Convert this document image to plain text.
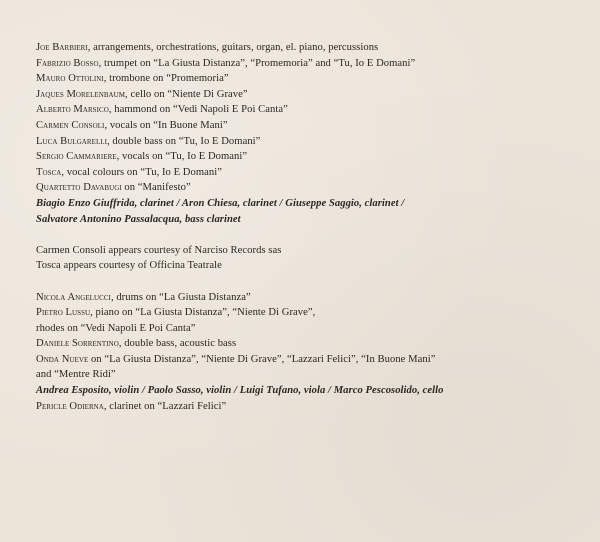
Joe Barbieri, arrangements, orchestrations, guitars, organ, el. piano, percussions
Fabrizio Bosso, trumpet on “La Giusta Distanza”, “Promemoria” and “Tu, Io E Domani”
Mauro Ottolini, trombone on “Promemoria”
Jaques Morelenbaum, cello on “Niente Di Grave”
Alberto Marsico, hammond on “Vedi Napoli E Poi Canta”
Carmen Consoli, vocals on “In Buone Mani”
Luca Bulgarelli, double bass on “Tu, Io E Domani”
Sergio Cammariere, vocals on “Tu, Io E Domani”
Tosca, vocal colours on “Tu, Io E Domani”
Quartetto Davabugi on “Manifesto”
Biagio Enzo Giuffrida, clarinet / Aron Chiesa, clarinet / Giuseppe Saggio, clarinet /
Salvatore Antonino Passalacqua, bass clarinet
Carmen Consoli appears courtesy of Narciso Records sas
Tosca appears courtesy of Officina Teatrale
Nicola Angelucci, drums on “La Giusta Distanza”
Pietro Lussu, piano on “La Giusta Distanza”, “Niente Di Grave”,
rhodes on “Vedi Napoli E Poi Canta”
Daniele Sorrentino, double bass, acoustic bass
Onda Nueve on “La Giusta Distanza”, “Niente Di Grave”, “Lazzari Felici”, “In Buone Mani”
and “Mentre Ridi”
Andrea Esposito, violin / Paolo Sasso, violin / Luigi Tufano, viola / Marco Pescosolido, cello
Pericle Odierna, clarinet on “Lazzari Felici”
